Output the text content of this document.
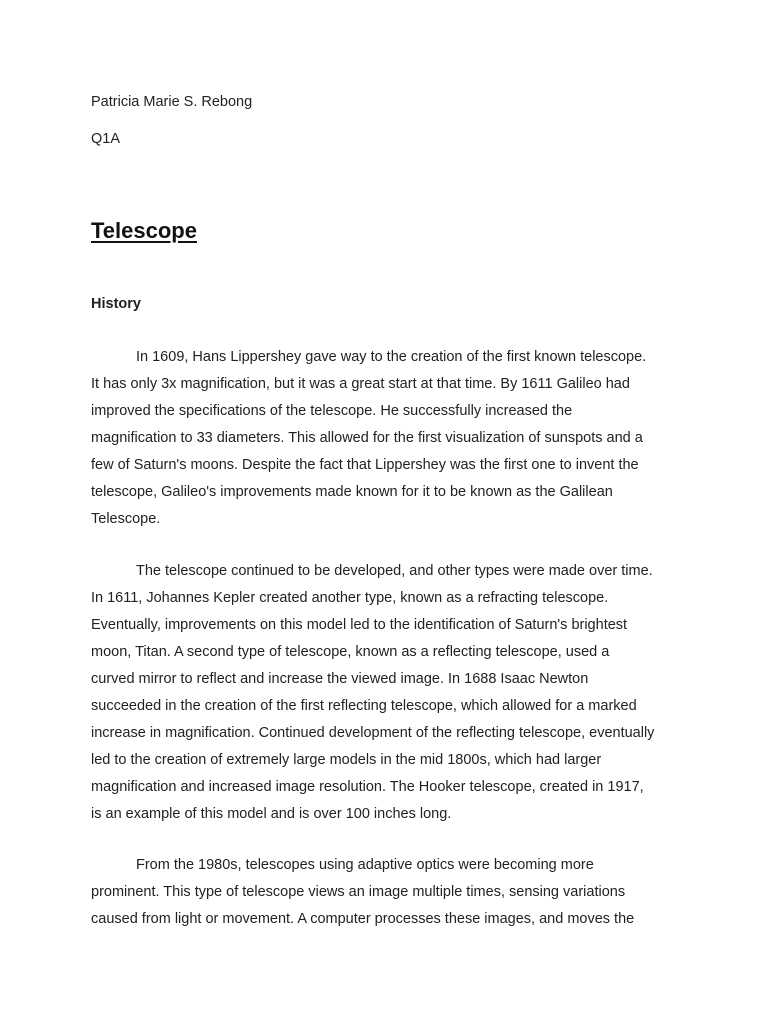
Patricia Marie S. Rebong

Q1A

Telescope
History
In 1609, Hans Lippershey gave way to the creation of the first known telescope.
It has only 3x magnification, but it was a great start at that time. By 1611 Galileo had
improved the specifications of the telescope. He successfully increased the
magnification to 33 diameters. This allowed for the first visualization of sunspots and a
few of Saturn's moons. Despite the fact that Lippershey was the first one to invent the
telescope, Galileo's improvements made known for it to be known as the Galilean
Telescope.
The telescope continued to be developed, and other types were made over time.
In 1611, Johannes Kepler created another type, known as a refracting telescope.
Eventually, improvements on this model led to the identification of Saturn's brightest
moon, Titan. A second type of telescope, known as a reflecting telescope, used a
curved mirror to reflect and increase the viewed image. In 1688 Isaac Newton
succeeded in the creation of the first reflecting telescope, which allowed for a marked
increase in magnification. Continued development of the reflecting telescope, eventually
led to the creation of extremely large models in the mid 1800s, which had larger
magnification and increased image resolution. The Hooker telescope, created in 1917,
is an example of this model and is over 100 inches long.
From the 1980s, telescopes using adaptive optics were becoming more
prominent. This type of telescope views an image multiple times, sensing variations
caused from light or movement. A computer processes these images, and moves the
